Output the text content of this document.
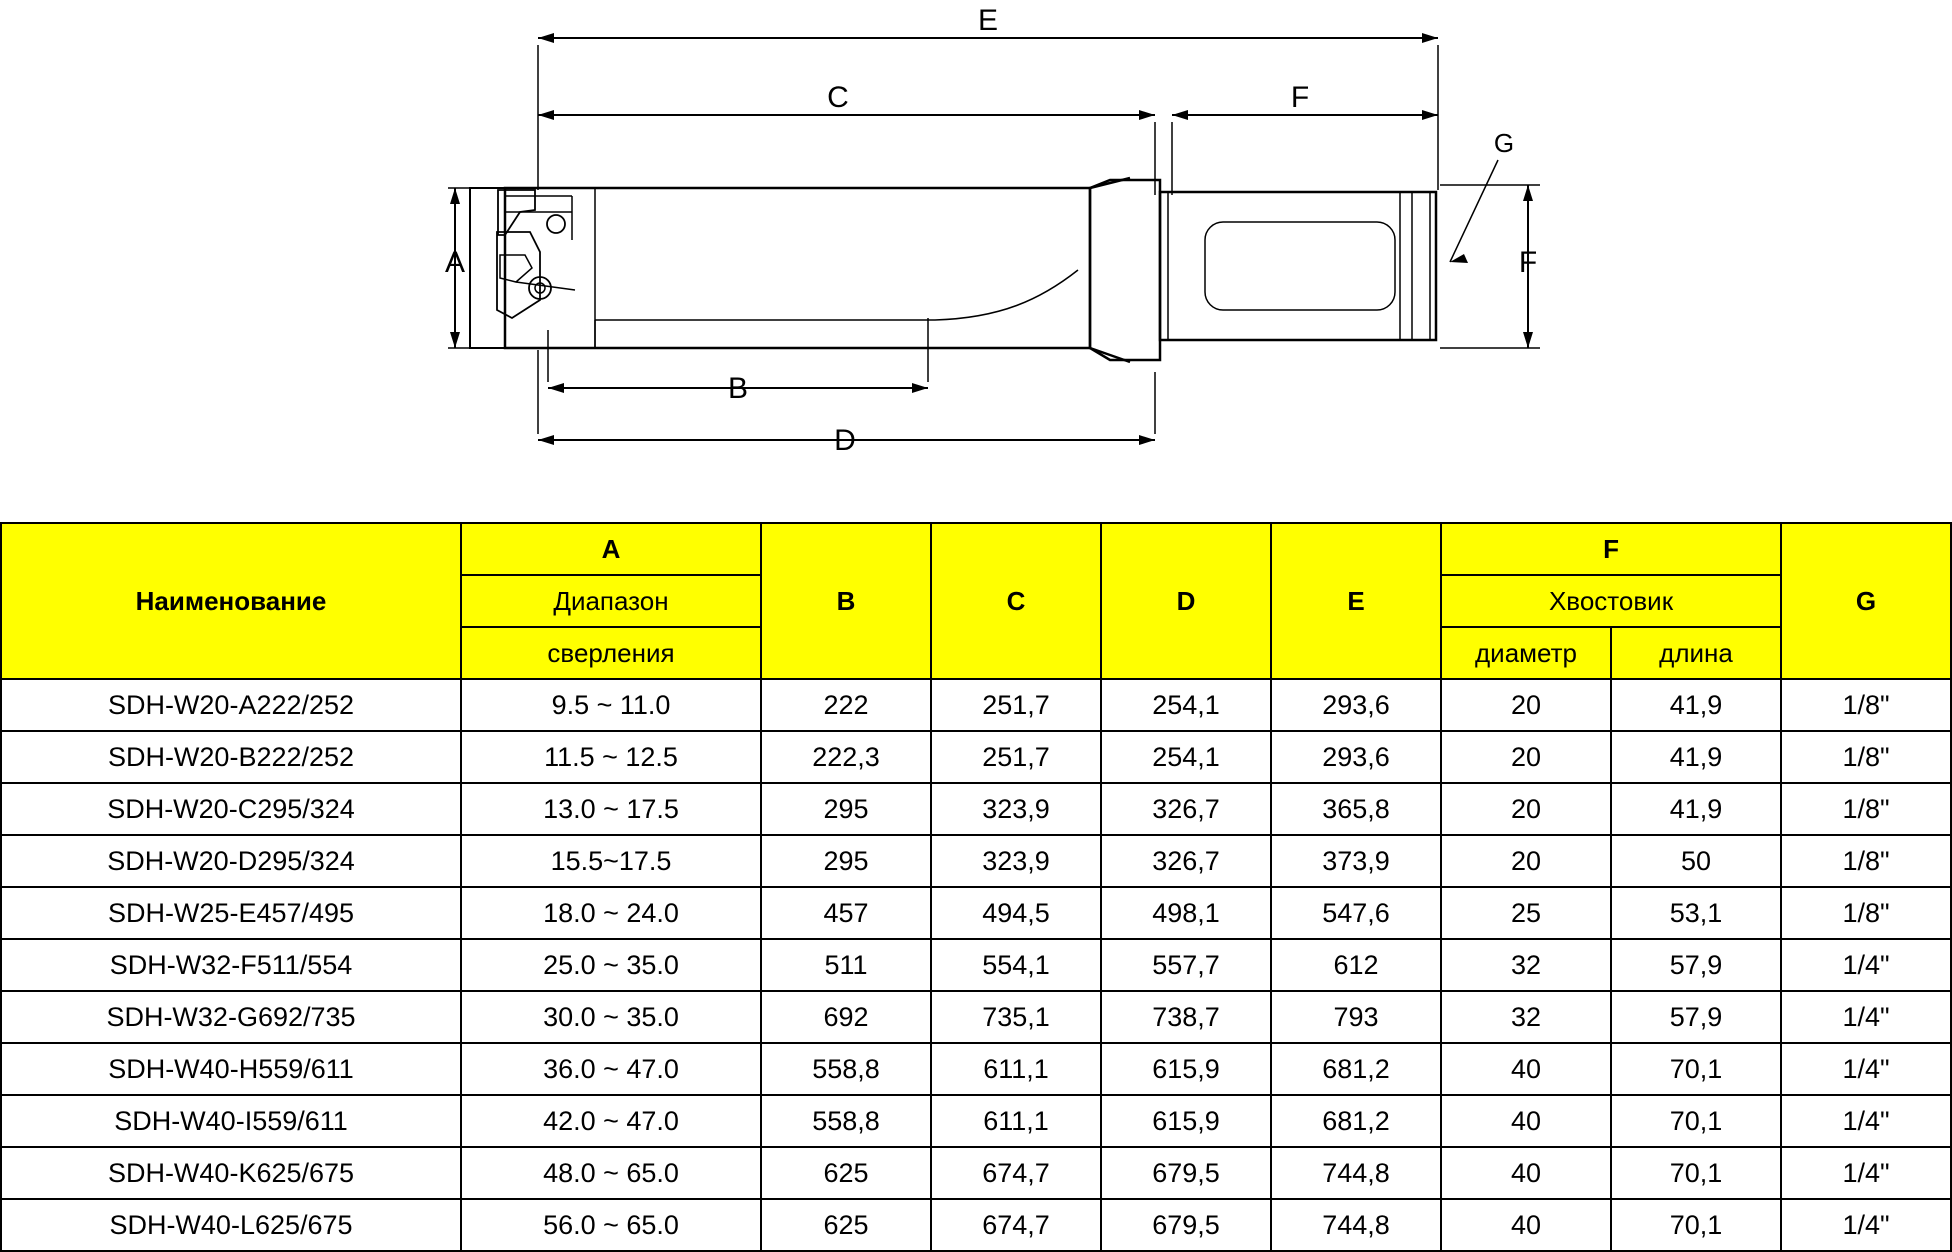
E
C	F
A	F
B
D
G
Наименование	A	B	C	D	E	F		G
	Диапазон					Хвостовик		
	сверления					диаметр	длина	
SDH-W20-A222/252	9.5 ~ 11.0	222	251,7	254,1	293,6	20	41,9	1/8"
SDH-W20-B222/252	11.5 ~ 12.5	222,3	251,7	254,1	293,6	20	41,9	1/8"
SDH-W20-C295/324	13.0 ~ 17.5	295	323,9	326,7	365,8	20	41,9	1/8"
SDH-W20-D295/324	15.5~17.5	295	323,9	326,7	373,9	20	50	1/8"
SDH-W25-E457/495	18.0 ~ 24.0	457	494,5	498,1	547,6	25	53,1	1/8"
SDH-W32-F511/554	25.0 ~ 35.0	511	554,1	557,7	612	32	57,9	1/4"
SDH-W32-G692/735	30.0 ~ 35.0	692	735,1	738,7	793	32	57,9	1/4"
SDH-W40-H559/611	36.0 ~ 47.0	558,8	611,1	615,9	681,2	40	70,1	1/4"
SDH-W40-I559/611	42.0 ~ 47.0	558,8	611,1	615,9	681,2	40	70,1	1/4"
SDH-W40-K625/675	48.0 ~ 65.0	625	674,7	679,5	744,8	40	70,1	1/4"
SDH-W40-L625/675	56.0 ~ 65.0	625	674,7	679,5	744,8	40	70,1	1/4"
